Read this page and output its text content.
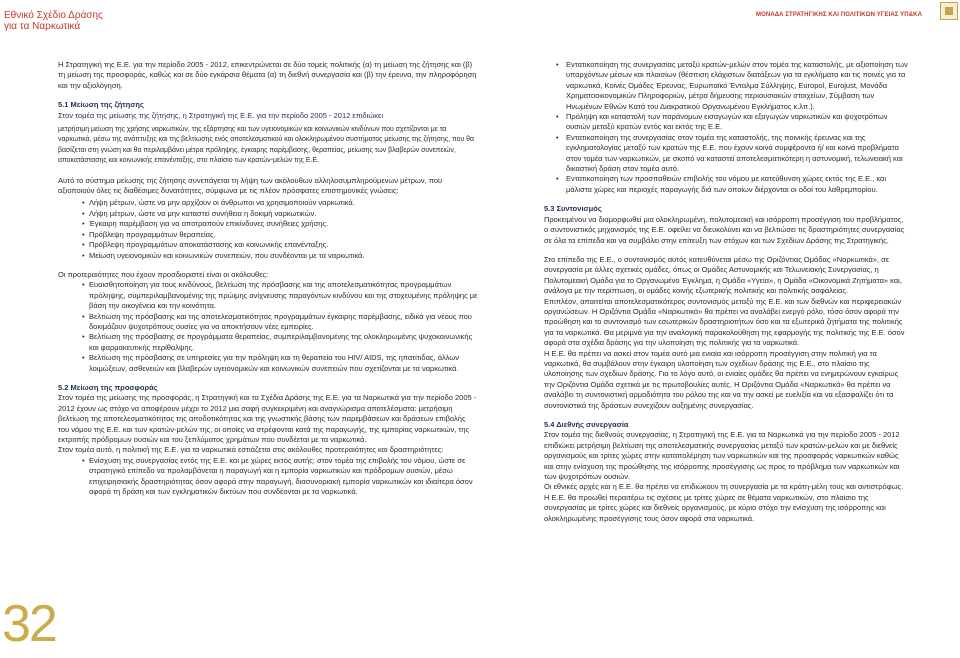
Εθνικό Σχέδιο Δράσης
για τα Ναρκωτικά
ΜΟΝΑΔΑ ΣΤΡΑΤΗΓΙΚΗΣ ΚΑΙ ΠΟΛΙΤΙΚΩΝ ΥΓΕΙΑΣ ΥΠ&ΚΑ

Η Στρατηγική της Ε.Ε. για την περίοδο 2005 - 2012, επικεντρώνεται σε δύο τομείς πολιτικής (α) τη μείωση της ζήτησης και (β) τη μείωση της προσφοράς, καθώς και σε δύο εγκάρσια θέματα (α) τη διεθνή συνεργασία και (β) την έρευνα, την πληροφόρηση και την αξιολόγηση.

5.1 Μείωση της ζήτησης
Στον τομέα της μείωσης της ζήτησης, η Στρατηγική της Ε.Ε. για την περίοδο 2005 - 2012 επιδιώκει

μετρήσιμη μείωση της χρήσης ναρκωτικών, της εξάρτησης και των υγειονομικών και κοινωνικών κινδύνων που σχετίζονται με τα ναρκωτικά, μέσω της ανάπτυξης και της βελτίωσης ενός αποτελεσματικού και ολοκληρωμένου συστήματος μείωσης της ζήτησης, που θα βασίζεται στη γνώση και θα περιλαμβάνει μέτρα πρόληψης, έγκαιρης παρέμβασης, θεραπείας, μείωσης των βλαβερών συνεπειών, αποκατάστασης και κοινωνικής επανένταξης, στο πλαίσιο των κρατών-μελών της Ε.Ε.

Αυτό το σύστημα μείωσης της ζήτησης συνεπάγεται τη λήψη των ακόλουθων αλληλοσυμπληρούμενων μέτρων, που αξιοποιούν όλες τις διαθέσιμες δυνατότητες, σύμφωνα με τις πλέον πρόσφατες επιστημονικές γνώσεις:

• Λήψη μέτρων, ώστε να μην αρχίζουν οι άνθρωποι να χρησιμοποιούν ναρκωτικά.
• Λήψη μέτρων, ώστε να μην καταστεί συνήθεια η δοκιμή ναρκωτικών.
• Έγκαιρη παρέμβαση για να αποτραπούν επικίνδυνες συνήθειες χρήσης.
• Πρόβλεψη προγραμμάτων θεραπείας.
• Πρόβλεψη προγραμμάτων αποκατάστασης και κοινωνικής επανένταξης.
• Μείωση υγειονομικών και κοινωνικών συνεπειών, που συνδέονται με τα ναρκωτικά.

Οι προτεραιότητες που έχουν προσδιοριστεί είναι οι ακόλουθες:

• Ευαισθητοποίηση για τους κινδύνους, βελτίωση της πρόσβασης και της αποτελεσματικότητας προγραμμάτων πρόληψης, συμπεριλαμβανομένης της πρώιμης ανίχνευσης παραγόντων κινδύνου και της στοχευμένης πρόληψης με βάση την οικογένεια και την κοινότητα.
• Βελτίωση της πρόσβασης και της αποτελεσματικότητας προγραμμάτων έγκαιρης παρέμβασης, ειδικά για νέους που δοκιμάζουν ψυχοτρόπους ουσίες για να αποκτήσουν νέες εμπειρίες.
• Βελτίωση της πρόσβασης σε προγράμματα θεραπείας, συμπεριλαμβανομένης της ολοκληρωμένης ψυχοκοινωνικής και φαρμακευτικής περίθαλψης.
• Βελτίωση της πρόσβασης σε υπηρεσίες για την πρόληψη και τη θεραπεία του HIV/ AIDS, της ηπατίτιδας, άλλων λοιμώξεων, ασθενειών και βλαβερών υγειονομικών και κοινωνικών συνεπειών που σχετίζονται με τα ναρκωτικά.
5.2 Μείωση της προσφοράς

Στον τομέα της μείωσης της προσφοράς, η Στρατηγική και τα Σχέδια Δράσης της Ε.Ε. για τα Ναρκωτικά για την περίοδο 2005 - 2012 έχουν ως στόχο να αποφέρουν μέχρι το 2012 μια σαφή συγκεκριμένη και αναγνώρισμα αποτελέσματα: μετρήσιμη βελτίωση της αποτελεσματικότητας της αποδοτικότητας και της γνωστικής βάσης των παρεμβάσεων και δράσεων επιβολής του νόμου της Ε.Ε. και των κρατών-μελών της, οι οποίες να στρέφονται κατά της παραγωγής, της εμπορίας ναρκωτικών, της εκτροπής πρόδρομων ουσιών και του ξεπλύματος χρημάτων που συνδέεται με τα ναρκωτικά.

Στον τομέα αυτό, η πολιτική της Ε.Ε. για τα ναρκωτικά εστιάζεται στις ακόλουθες προτεραιότητες και δραστηριότητες:

• Ενίσχυση της συνεργασίας εντός της Ε.Ε. και με χώρες εκτός αυτής: στον τομέα της επιβολής του νόμου, ώστε σε στρατηγικό επίπεδο να προλαμβάνεται η παραγωγή και η εμπορία ναρκωτικών και πρόδρομων ουσιών, μέσω επιχειρησιακής δραστηριότητας όσον αφορά στην παραγωγή, διασυνοριακή εμπορία ναρκωτικών και ιδιαίτερα όσον αφορά τη δράση και των εγκληματικών δικτύων που συνδέονται με τα ναρκωτικά.
• Εντατικοποίηση της συνεργασίας μεταξύ κρατών-μελών στον τομέα της καταστολής, με αξιοποίηση των υπαρχόντων μέσων και πλαισίων (θέσπιση ελάχιστων διατάξεων για τα εγκλήματα και τις ποινές για τα ναρκωτικά, Κοινές Ομάδες Έρευνας, Ευρωπαϊκό Ένταλμα Σύλληψης, Europol, Eurojust, Μονάδα Χρηματοοικονομικών Πληροφοριών, μέτρα δήμευσης περιουσιακών στοιχείων, Σύμβαση των Ηνωμένων Εθνών Κατά του Διακρατικού Οργανωμένου Εγκλήματος κ.λπ.).
• Πρόληψη και καταστολή των παράνομων εισαγωγών και εξαγωγών ναρκωτικών και ψυχοτρόπων ουσιών μεταξύ κρατών εντός και εκτός της Ε.Ε.
• Εντατικοποίηση της συνεργασίας στον τομέα της καταστολής, της ποινικής έρευνας και της εγκληματολογίας μεταξύ των κρατών της Ε.Ε. που έχουν κοινά συμφέροντα ή/ και κοινά προβλήματα στον τομέα των ναρκωτικών, με σκοπό να καταστεί αποτελεσματικότερη η αστυνομική, τελωνειακή και δικαστική δράση στον τομέα αυτό.
• Εντατικοποίηση των προσπαθειών επιβολής του νόμου με κατεύθυνση χώρες εκτός της Ε.Ε., και μάλιστα χώρες και περιοχές παραγωγής διά των οποίων διέρχονται οι οδοί του λαθρεμπορίου.
5.3 Συντονισμός

Προκειμένου να διαμορφωθεί μια ολοκληρωμένη, πολυτομεακή και ισόρροπη προσέγγιση του προβλήματος, ο συντονιστικός μηχανισμός της Ε.Ε. οφείλει να διευκολύνει και να βελτιώσει τις δραστηριότητες συνεργασίας σε όλα τα επίπεδα και να συμβάλει στην επίτευξη των στόχων και των Σχεδίων Δράσης της Στρατηγικής.

Στο επίπεδο της Ε.Ε., ο συντονισμός αυτός κατευθύνεται μέσω της Οριζόντιας Ομάδας «Ναρκωτικά», σε συνεργασία με άλλες σχετικές ομάδες, όπως οι Ομάδες Αστυνομικής και Τελωνειακής Συνεργασίας, η Πολυτομεακή Ομάδα για το Οργανωμένο Έγκλημα, η Ομάδα «Υγεία», η Ομάδα «Οικονομικά Ζητήματα» και, ανάλογα με την περίπτωση, οι ομάδες κοινής εξωτερικής πολιτικής και πολιτικής ασφάλειας.

Επιπλέον, απαιτείται αποτελεσματικότερος συντονισμός μεταξύ της Ε.Ε. και των διεθνών και περιφερειακών οργανώσεων. Η Οριζόντια Ομάδα «Ναρκωτικά» θα πρέπει να αναλάβει ενεργό ρόλο, τόσο όσον αφορά την προώθηση και το συντονισμό των εσωτερικών δραστηριοτήτων όσο και τα εξωτερικά ζητήματα της πολιτικής για τα ναρκωτικά. Θα μεριμνά για την αναλογική παρακολούθηση της εφαρμογής της πολιτικής της Ε.Ε. όσον αφορά στα σχέδια δράσης για την υλοποίηση της πολιτικής για τα ναρκωτικά.

Η Ε.Ε. θα πρέπει να ασκεί στον τομέα αυτό μια ενιαία και ισόρροπη προσέγγιση στην πολιτική για τα ναρκωτικά, θα συμβάλουν στην έγκαιρη υλοποίηση των σχεδίων δράσης της Ε.Ε., στο πλαίσιο της υλοποίησης των σχεδίων δράσης. Για το λόγο αυτό, οι ενιαίες ομάδες θα πρέπει να ενημερώνουν εγκαίρως την Οριζόντια Ομάδα σχετικά με τις πρωτοβουλίες αυτές. Η Οριζόντια Ομάδα «Ναρκωτικά» θα πρέπει να αναλάβει τη συντονιστική αρμοδιότητα του ρόλου της και να την ασκεί με ευελιξία και να εξασφαλίζει ότι τα συντονιστικά της δράσεων συνεχίζουν αυξημένης συνεργασίας.

5.4 Διεθνής συνεργασία

Στον τομέα της διεθνούς συνεργασίας, η Στρατηγική της Ε.Ε. για τα Ναρκωτικά για την περίοδο 2005 - 2012 επιδιώκει μετρήσιμη βελτίωση της αποτελεσματικής συνεργασίας μεταξύ των κρατών-μελών και με διεθνείς οργανισμούς και τρίτες χώρες στην καταπολέμηση των ναρκωτικών και της προσφοράς ναρκωτικών καθώς και στην ενίσχυση της προώθησης της ισόρροπης προσέγγισης ως προς το πρόβλημα των ναρκωτικών και των ψυχοτρόπων ουσιών.

Οι εθνικές αρχές και η Ε.Ε. θα πρέπει να επιδιώκουν τη συνεργασία με τα κράτη-μέλη τους και αντιστρόφως. Η Ε.Ε. θα προωθεί περαιτέρω τις σχέσεις με τρίτες χώρες σε θέματα ναρκωτικών, στο πλαίσιο της συνεργασίας με τρίτες χώρες και διεθνείς οργανισμούς, με κύριο στόχο την ενίσχυση της ισόρροπης και ολοκληρωμένης προσέγγισης τους όσον αφορά στα ναρκωτικά.

32
